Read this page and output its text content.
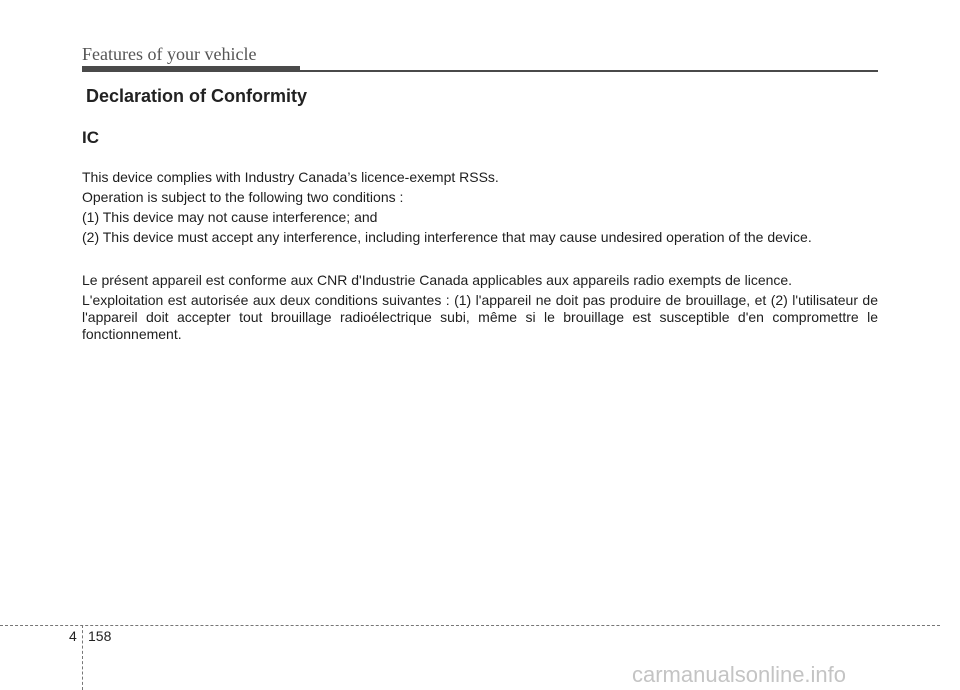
Features of your vehicle
Declaration of Conformity
IC

This device complies with Industry Canada’s licence-exempt RSSs.

Operation is subject to the following two conditions :

(1) This device may not cause interference; and

(2) This device must accept any interference, including interference that may cause undesired operation of the device.

Le présent appareil est conforme aux CNR d'Industrie Canada applicables aux appareils radio exempts de licence.

L'exploitation est autorisée aux deux conditions suivantes : (1) l'appareil ne doit pas produire de brouillage, et (2) l'utilisateur de l'appareil doit accepter tout brouillage radioélectrique subi, même si le brouillage est susceptible d'en compromettre le fonctionnement.

4 158
carmanualsonline.info
